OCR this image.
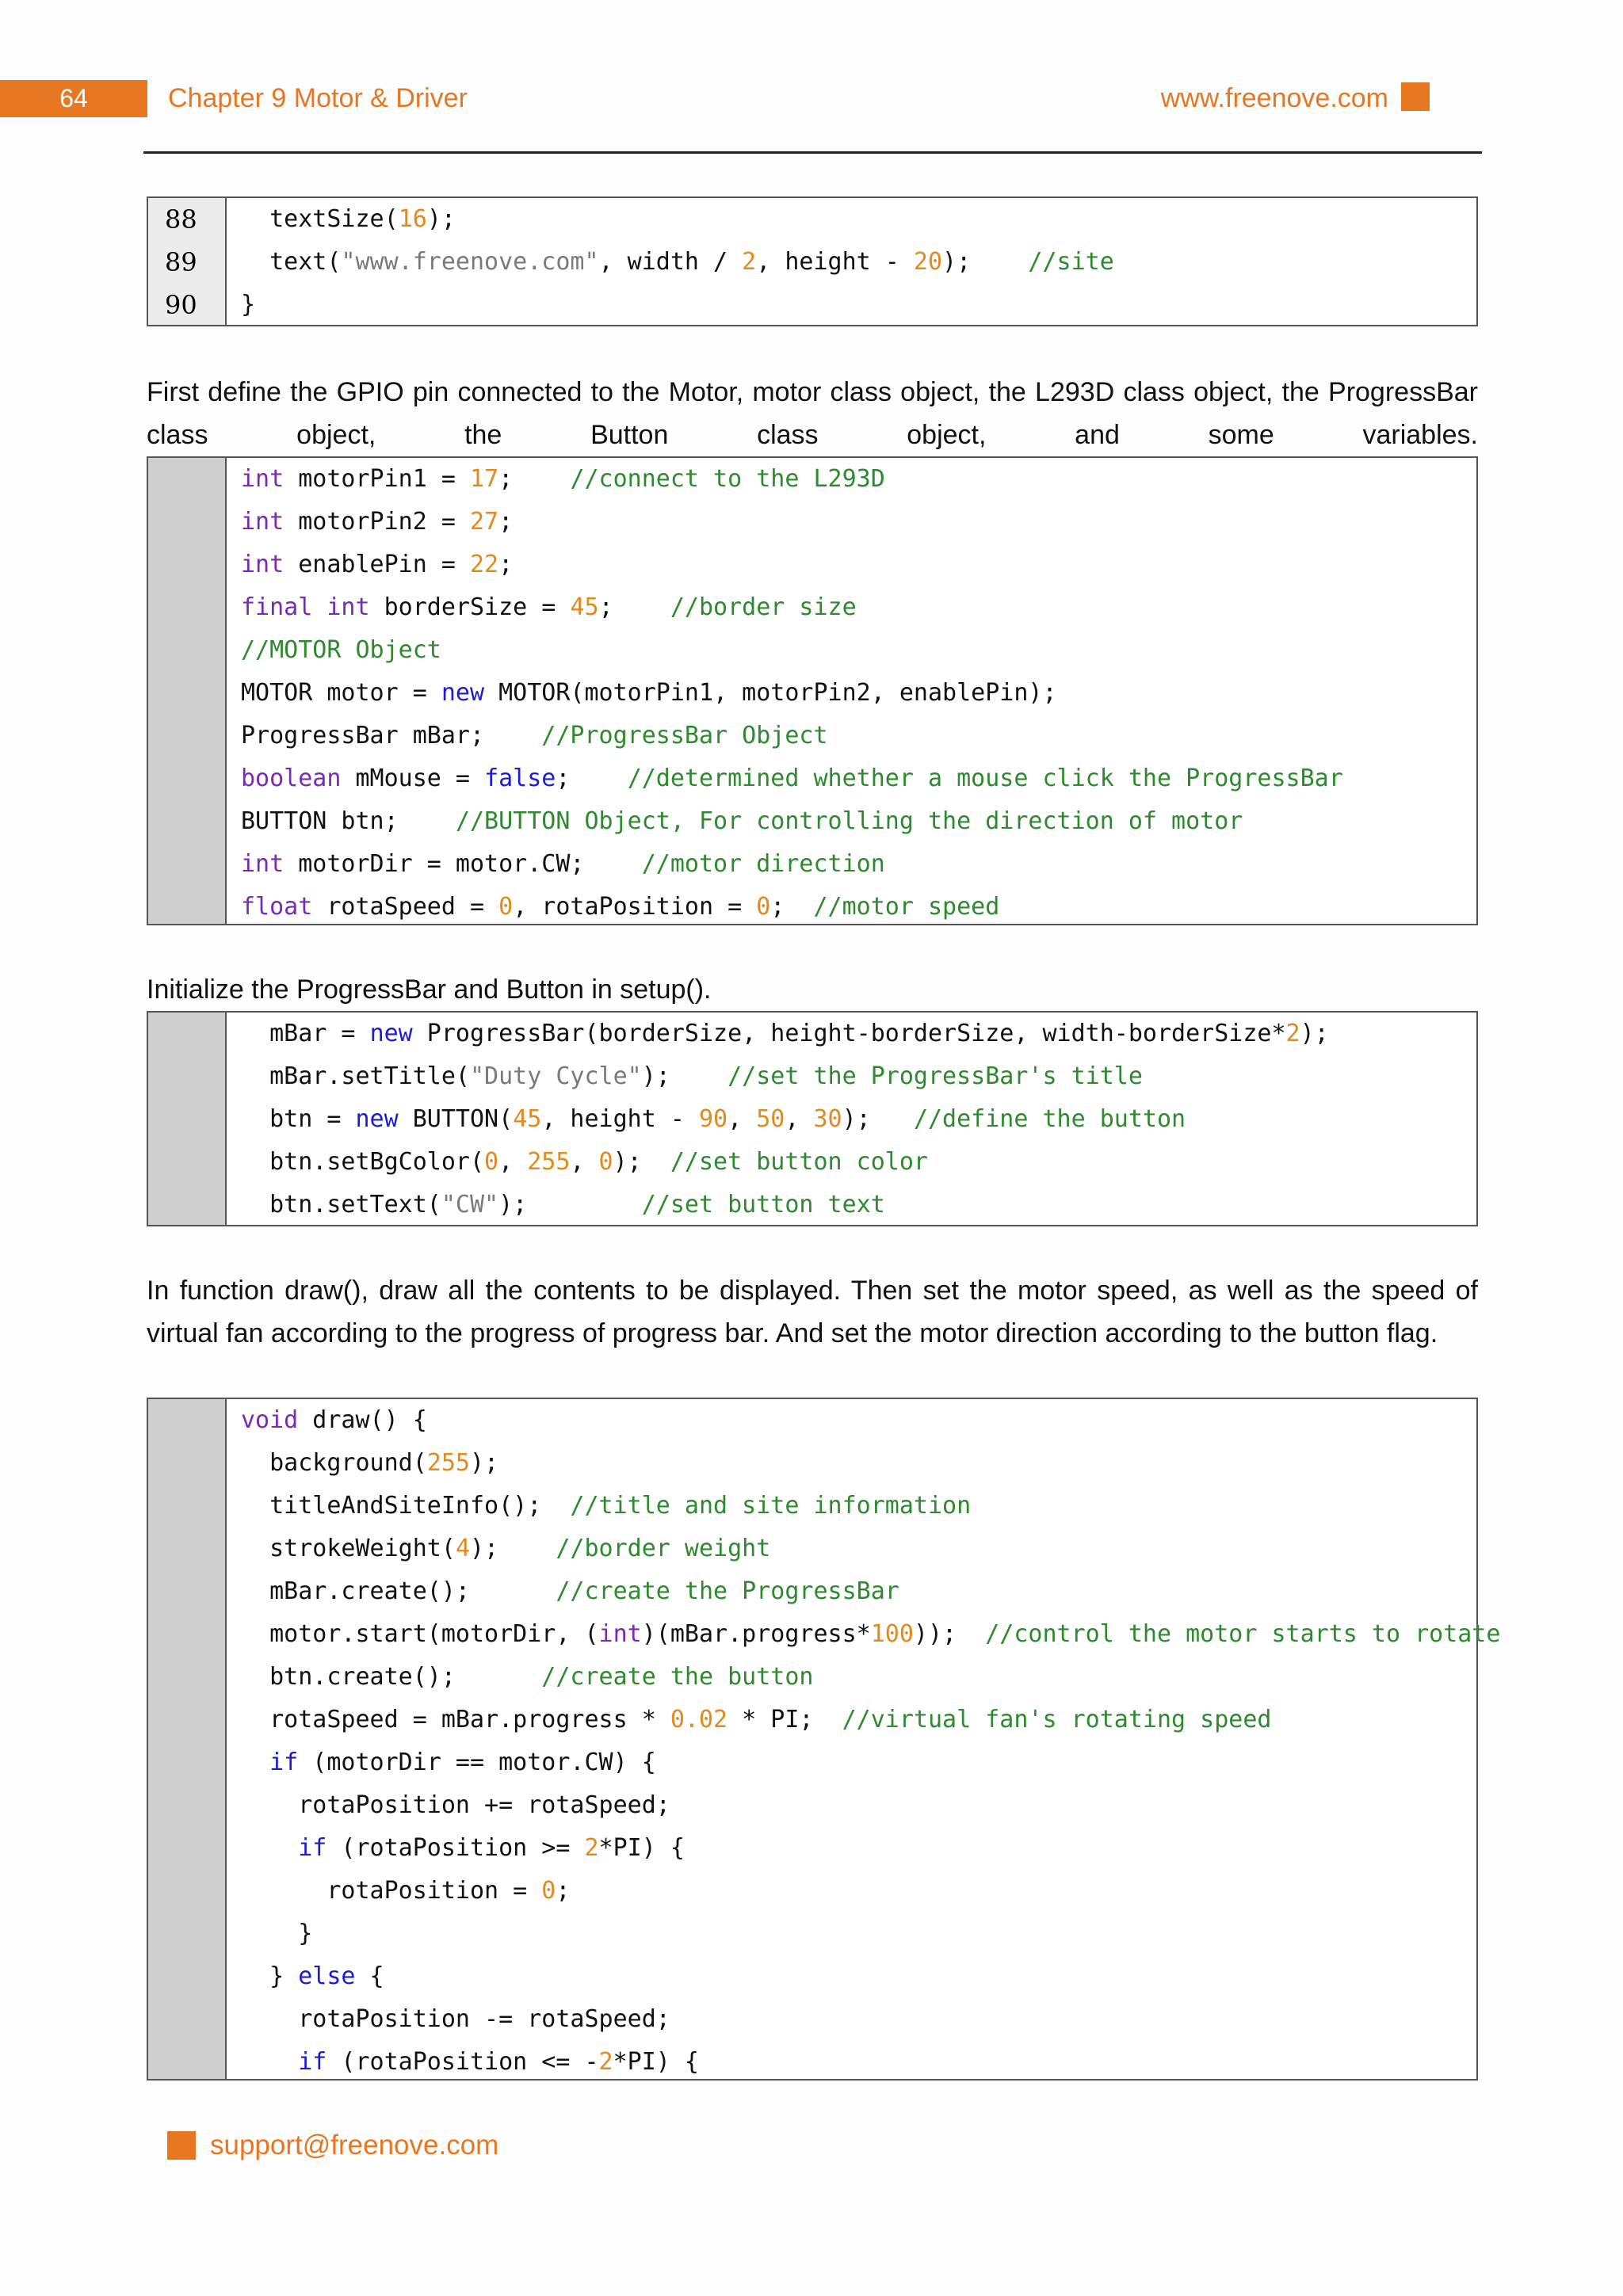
64	Chapter 9 Motor & Driver	www.freenove.com
88
89
90
textSize(16);
text("www.freenove.com", width / 2, height - 20);    //site
}

First define the GPIO pin connected to the Motor, motor class object, the L293D class object, the ProgressBar class object, the Button class object, and some variables.

int motorPin1 = 17;    //connect to the L293D
int motorPin2 = 27;
int enablePin = 22;
final int borderSize = 45;    //border size
//MOTOR Object
MOTOR motor = new MOTOR(motorPin1, motorPin2, enablePin);
ProgressBar mBar;    //ProgressBar Object
boolean mMouse = false;    //determined whether a mouse click the ProgressBar
BUTTON btn;    //BUTTON Object, For controlling the direction of motor
int motorDir = motor.CW;    //motor direction
float rotaSpeed = 0, rotaPosition = 0;  //motor speed

Initialize the ProgressBar and Button in setup().

mBar = new ProgressBar(borderSize, height-borderSize, width-borderSize*2);
mBar.setTitle("Duty Cycle");    //set the ProgressBar's title
btn = new BUTTON(45, height - 90, 50, 30);   //define the button
btn.setBgColor(0, 255, 0);  //set button color
btn.setText("CW");        //set button text

In function draw(), draw all the contents to be displayed. Then set the motor speed, as well as the speed of virtual fan according to the progress of progress bar. And set the motor direction according to the button flag.

void draw() {
background(255);
titleAndSiteInfo();  //title and site information
strokeWeight(4);    //border weight
mBar.create();      //create the ProgressBar
motor.start(motorDir, (int)(mBar.progress*100));  //control the motor starts to rotate
btn.create();      //create the button
rotaSpeed = mBar.progress * 0.02 * PI;  //virtual fan's rotating speed
if (motorDir == motor.CW) {
rotaPosition += rotaSpeed;
if (rotaPosition >= 2*PI) {
rotaPosition = 0;
}
} else {
rotaPosition -= rotaSpeed;
if (rotaPosition <= -2*PI) {
support@freenove.com
